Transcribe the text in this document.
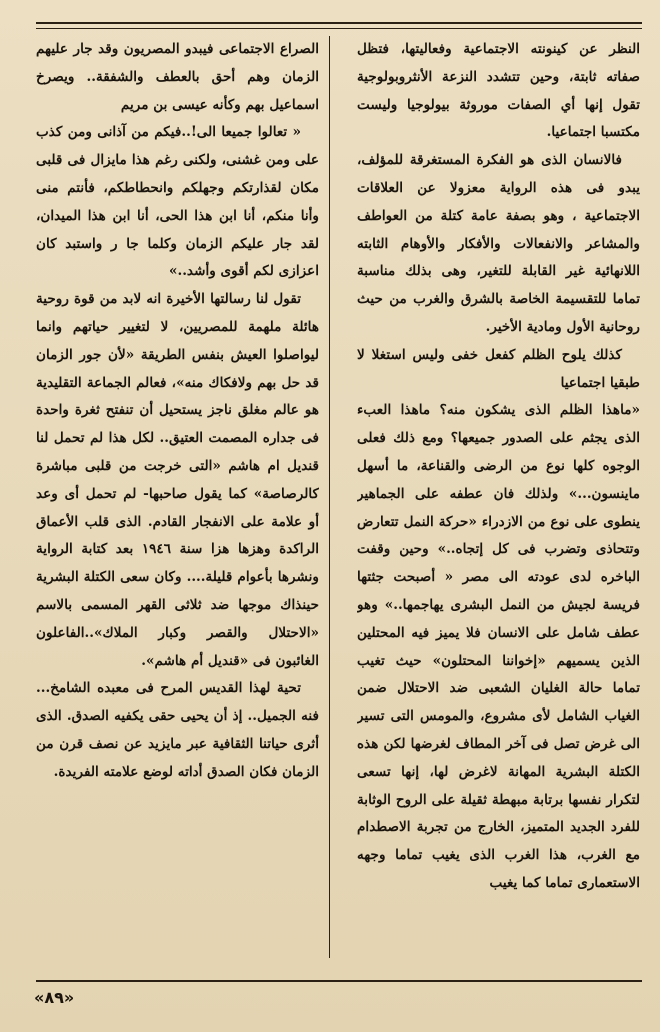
النظر عن كينونته الاجتماعية وفعاليتها، فتظل صفاته ثابتة، وحين تتشدد النزعة الأنثروبولوجية تقول إنها أي الصفات موروثة بيولوجيا وليست مكتسبا اجتماعيا.

فالانسان الذى هو الفكرة المستغرقة للمؤلف، يبدو فى هذه الرواية معزولا عن العلاقات الاجتماعية ، وهو بصفة عامة كتلة من العواطف والمشاعر والانفعالات والأفكار والأوهام الثابته اللانهائية غير القابلة للتغير، وهى بذلك مناسبة تماما للتقسيمة الخاصة بالشرق والغرب من حيث روحانية الأول ومادية الأخير.

كذلك يلوح الظلم كفعل خفى وليس استغلا لا طبقيا اجتماعيا

«ماهذا الظلم الذى يشكون منه؟ ماهذا العبء الذى يجثم على الصدور جميعها؟ ومع ذلك فعلى الوجوه كلها نوع من الرضى والقناعة، ما أسهل ماينسون...» ولذلك فان عطفه على الجماهير ينطوى على نوع من الازدراء «حركة النمل تتعارض وتتحاذى وتضرب فى كل إتجاه..» وحين وقفت الباخره لدى عودته الى مصر « أصبحت جثتها فريسة لجيش من النمل البشرى يهاجمها..» وهو عطف شامل على الانسان فلا يميز فيه المحتلين الذين يسميهم «إخواننا المحتلون» حيث تغيب تماما حالة الغليان الشعبى ضد الاحتلال ضمن الغياب الشامل لأى مشروع، والمومس التى تسير الى غرض تصل فى آخر المطاف لغرضها لكن هذه الكتلة البشرية المهانة لاغرض لها، إنها تسعى لتكرار نفسها برتابة مبهطة ثقيلة على الروح الوثابة للفرد الجديد المتميز، الخارج من تجربة الاصطدام مع الغرب، هذا الغرب الذى يغيب تماما وجهه الاستعمارى تماما كما يغيب

الصراع الاجتماعى فيبدو المصريون وقد جار عليهم الزمان وهم أحق بالعطف والشفقة.. ويصرخ اسماعيل بهم وكأنه عيسى بن مريم

« تعالوا جميعا الى!..فيكم من آذانى ومن كذب على ومن غشنى، ولكنى رغم هذا مايزال فى قلبى مكان لقذارتكم وجهلكم وانحطاطكم، فأنتم منى وأنا منكم، أنا ابن هذا الحى، أنا ابن هذا الميدان، لقد جار عليكم الزمان وكلما جا ر واستبد كان اعزازى لكم أقوى وأشد..»

تقول لنا رسالتها الأخيرة انه لابد من قوة روحية هائلة ملهمة للمصريين، لا لتغيير حياتهم وانما ليواصلوا العيش بنفس الطريقة «لأن جور الزمان قد حل بهم ولافكاك منه»، فعالم الجماعة التقليدية هو عالم مغلق ناجز يستحيل أن تنفتح ثغرة واحدة فى جداره المصمت العتيق.. لكل هذا لم تحمل لنا قنديل ام هاشم «التى خرجت من قلبى مباشرة كالرصاصة» كما يقول صاحبها- لم تحمل أى وعد أو علامة على الانفجار القادم. الذى قلب الأعماق الراكدة وهزها هزا سنة ١٩٤٦ بعد كتابة الرواية ونشرها بأعوام قليلة.... وكان سعى الكتلة البشرية حينذاك موجها ضد ثلاثى القهر المسمى بالاسم «الاحتلال والقصر وكبار الملاك»..الفاعلون الغائبون فى «قنديل أم هاشم».

تحية لهذا القديس المرح فى معبده الشامخ... فنه الجميل.. إذ أن يحيى حقى يكفيه الصدق. الذى أثرى حياتنا الثقافية عبر مايزيد عن نصف قرن من الزمان فكان الصدق أداته لوضع علامته الفريدة.

«٨٩»
